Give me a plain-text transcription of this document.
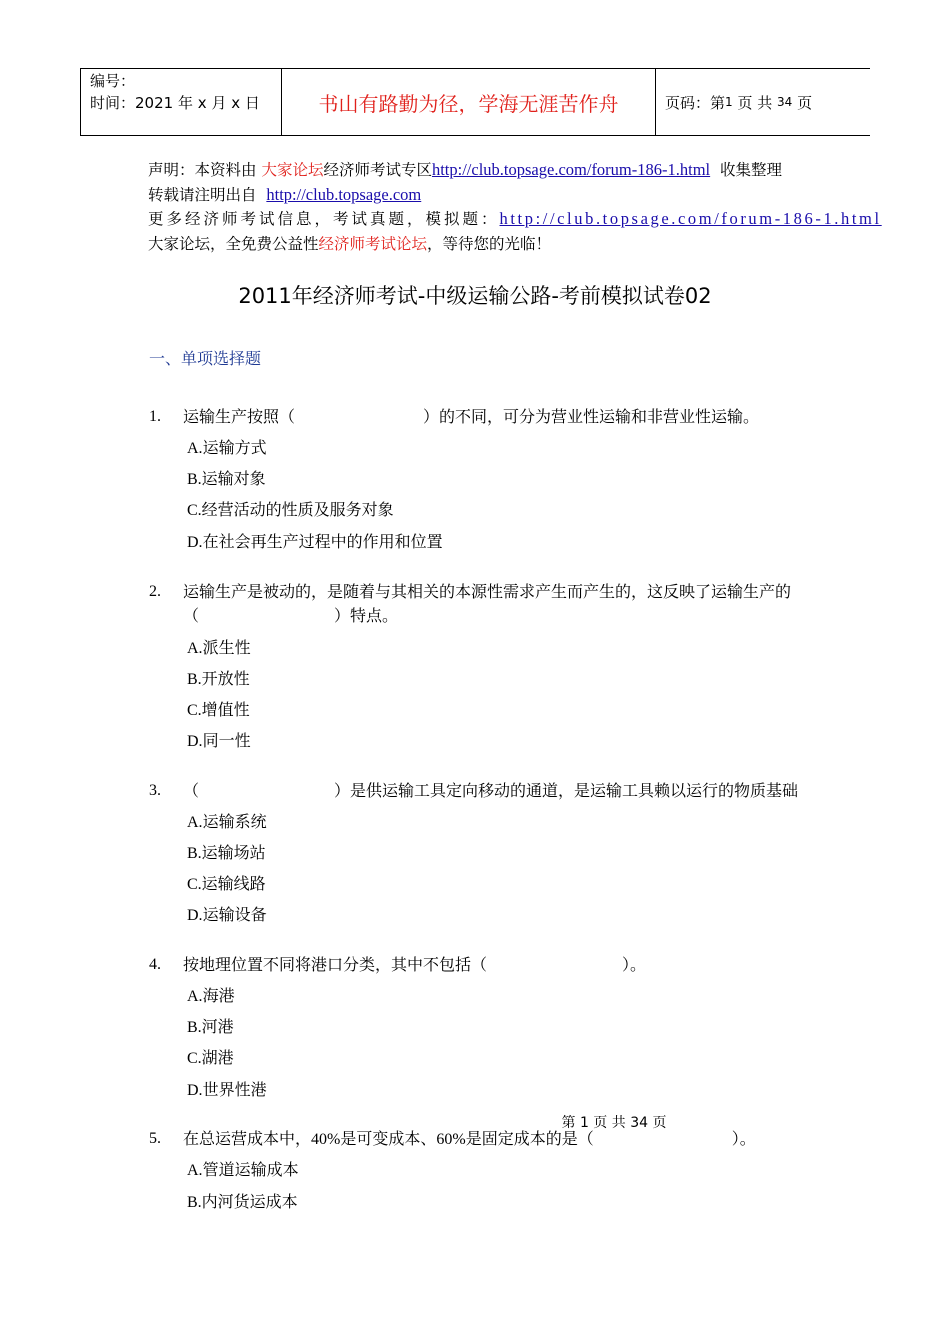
编号：
时间：2021 年 x 月 x 日	书山有路勤为径，学海无涯苦作舟	页码：第 1
页 共
34
页
声明：本资料由 大家论坛经济师考试专区http://club.topsage.com/forum-186-1.html  收集整理
转载请注明出自  http://club.topsage.com
更多经济师考试信息，考试真题，模拟题：http://club.topsage.com/forum-186-1.html
大家论坛，全免费公益性经济师考试论坛，等待您的光临！
2011年经济师考试-中级运输公路-考前模拟试卷02
一、单项选择题
1. 运输生产按照（	）的不同，可分为营业性运输和非营业性运输。
A.运输方式
B.运输对象
C.经营活动的性质及服务对象
D.在社会再生产过程中的作用和位置
2. 运输生产是被动的，是随着与其相关的本源性需求产生而产生的，这反映了运输生产的
（	）特点。
A.派生性
B.开放性
C.增值性
D.同一性
3. （	）是供运输工具定向移动的通道，是运输工具赖以运行的物质基础
A.运输系统
B.运输场站
C.运输线路
D.运输设备
4. 按地理位置不同将港口分类，其中不包括（	）。
A.海港
B.河港
C.湖港
D.世界性港
第 1 页 共 34 页
5. 在总运营成本中，40%是可变成本、60%是固定成本的是（	）。
A.管道运输成本
B.内河货运成本
